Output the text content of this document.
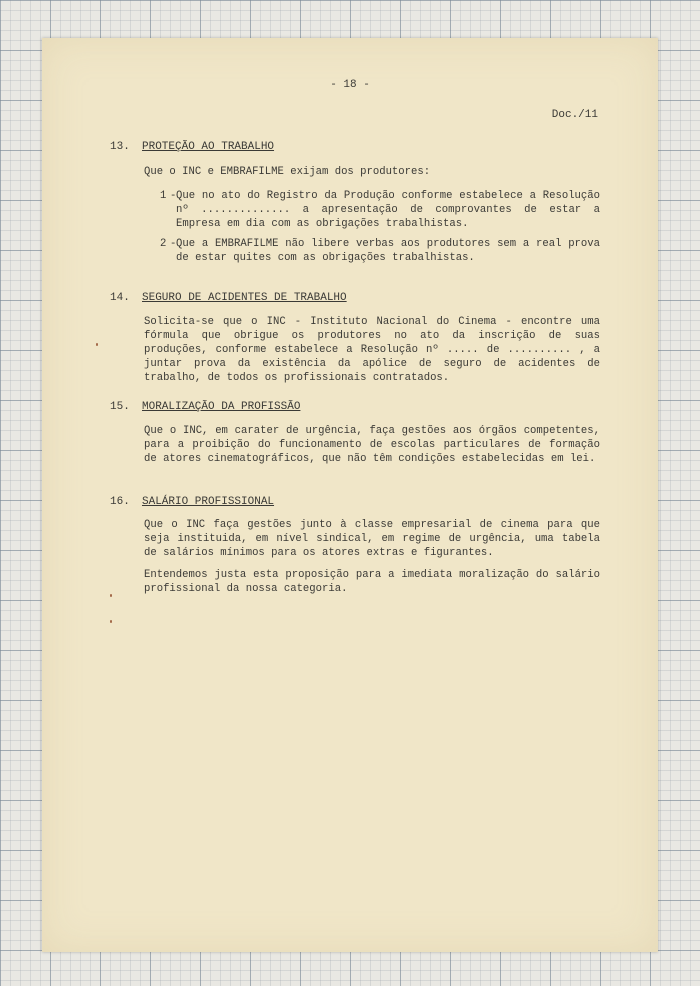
- 18 -
Doc./11
13. PROTEÇÃO AO TRABALHO
Que o INC e EMBRAFILME exijam dos produtores:
1 - Que no ato do Registro da Produção conforme estabelece a Resolução nº .............. a apresentação de comprovantes de estar a Empresa em dia com as obrigações trabalhistas.
2 - Que a EMBRAFILME não libere verbas aos produtores sem a real prova de estar quites com as obrigações trabalhistas.
14. SEGURO DE ACIDENTES DE TRABALHO
Solicita-se que o INC - Instituto Nacional do Cinema - encontre uma fórmula que obrigue os produtores no ato da inscrição de suas produções, conforme estabelece a Resolução nº ..... de .......... , a juntar prova da existência da apólice de seguro de acidentes de trabalho, de todos os profissionais contratados.
15. MORALIZAÇÃO DA PROFISSÃO
Que o INC, em carater de urgência, faça gestões aos órgãos competentes, para a proibição do funcionamento de escolas particulares de formação de atores cinematográficos, que não têm condições estabelecidas em lei.
16. SALÁRIO PROFISSIONAL
Que o INC faça gestões junto à classe empresarial de cinema para que seja instituida, em nível sindical, em regime de urgência, uma tabela de salários mínimos para os atores extras e figurantes.
Entendemos justa esta proposição para a imediata moralização do salário profissional da nossa categoria.
